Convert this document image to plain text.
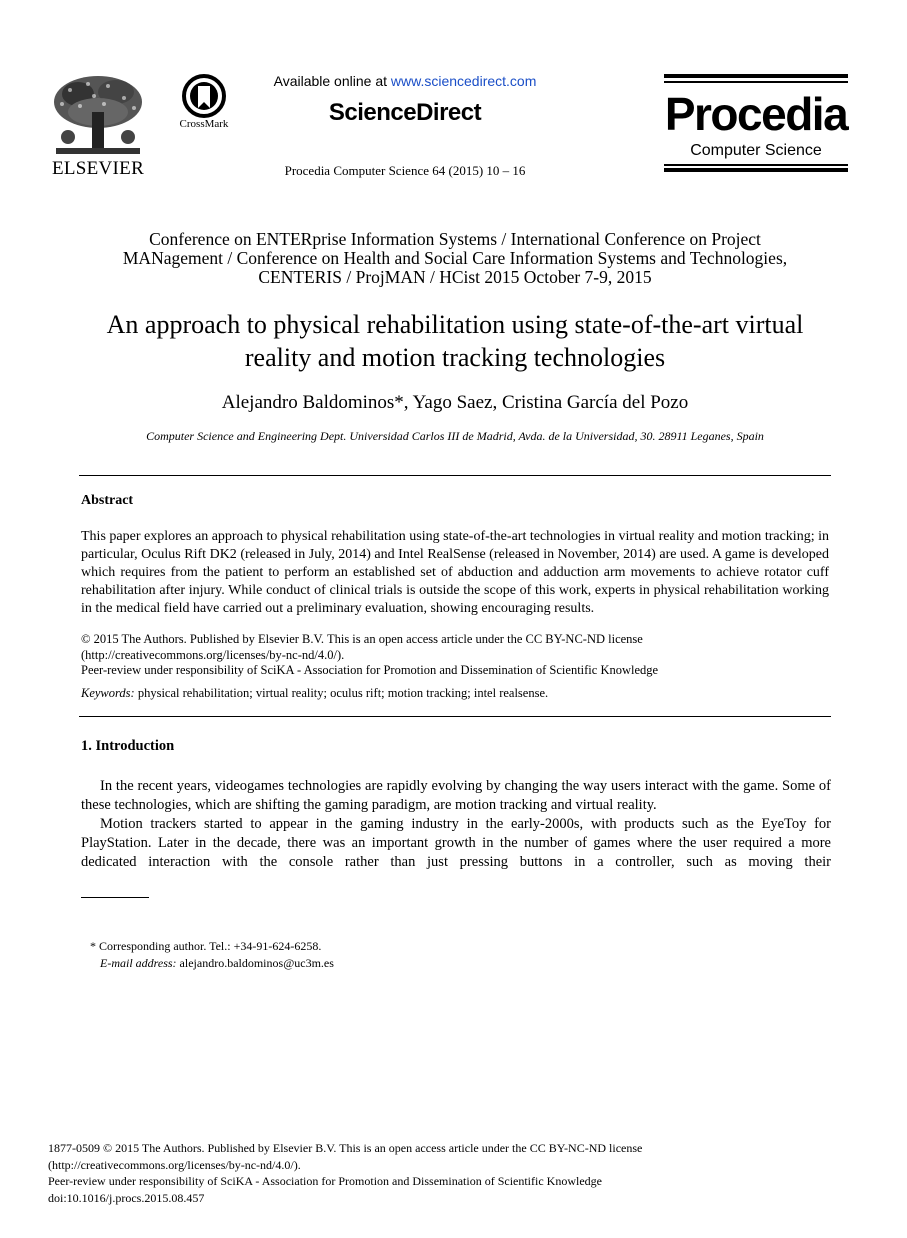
ELSEVIER
CrossMark
Available online at www.sciencedirect.com
ScienceDirect
Procedia Computer Science 64 (2015) 10 – 16
Procedia
Computer Science
Conference on ENTERprise Information Systems / International Conference on Project
MANagement / Conference on Health and Social Care Information Systems and Technologies,
CENTERIS / ProjMAN / HCist 2015 October 7-9, 2015
An approach to physical rehabilitation using state-of-the-art virtual
reality and motion tracking technologies
Alejandro Baldominos*, Yago Saez, Cristina García del Pozo
Computer Science and Engineering Dept. Universidad Carlos III de Madrid, Avda. de la Universidad, 30. 28911 Leganes, Spain
Abstract
This paper explores an approach to physical rehabilitation using state-of-the-art technologies in virtual reality and motion tracking; in particular, Oculus Rift DK2 (released in July, 2014) and Intel RealSense (released in November, 2014) are used. A game is developed which requires from the patient to perform an established set of abduction and adduction arm movements to achieve rotator cuff rehabilitation after injury. While conduct of clinical trials is outside the scope of this work, experts in physical rehabilitation working in the medical field have carried out a preliminary evaluation, showing encouraging results.
© 2015 The Authors. Published by Elsevier B.V. This is an open access article under the CC BY-NC-ND license
(http://creativecommons.org/licenses/by-nc-nd/4.0/).
Peer-review under responsibility of SciKA - Association for Promotion and Dissemination of Scientific Knowledge
Keywords: physical rehabilitation; virtual reality; oculus rift; motion tracking; intel realsense.
1. Introduction

In the recent years, videogames technologies are rapidly evolving by changing the way users interact with the game. Some of these technologies, which are shifting the gaming paradigm, are motion tracking and virtual reality.

Motion trackers started to appear in the gaming industry in the early-2000s, with products such as the EyeToy for PlayStation. Later in the decade, there was an important growth in the number of games where the user required a more dedicated interaction with the console rather than just pressing buttons in a controller, such as moving their

* Corresponding author. Tel.: +34-91-624-6258.
E-mail address: alejandro.baldominos@uc3m.es
1877-0509 © 2015 The Authors. Published by Elsevier B.V. This is an open access article under the CC BY-NC-ND license
(http://creativecommons.org/licenses/by-nc-nd/4.0/).
Peer-review under responsibility of SciKA - Association for Promotion and Dissemination of Scientific Knowledge
doi:10.1016/j.procs.2015.08.457
